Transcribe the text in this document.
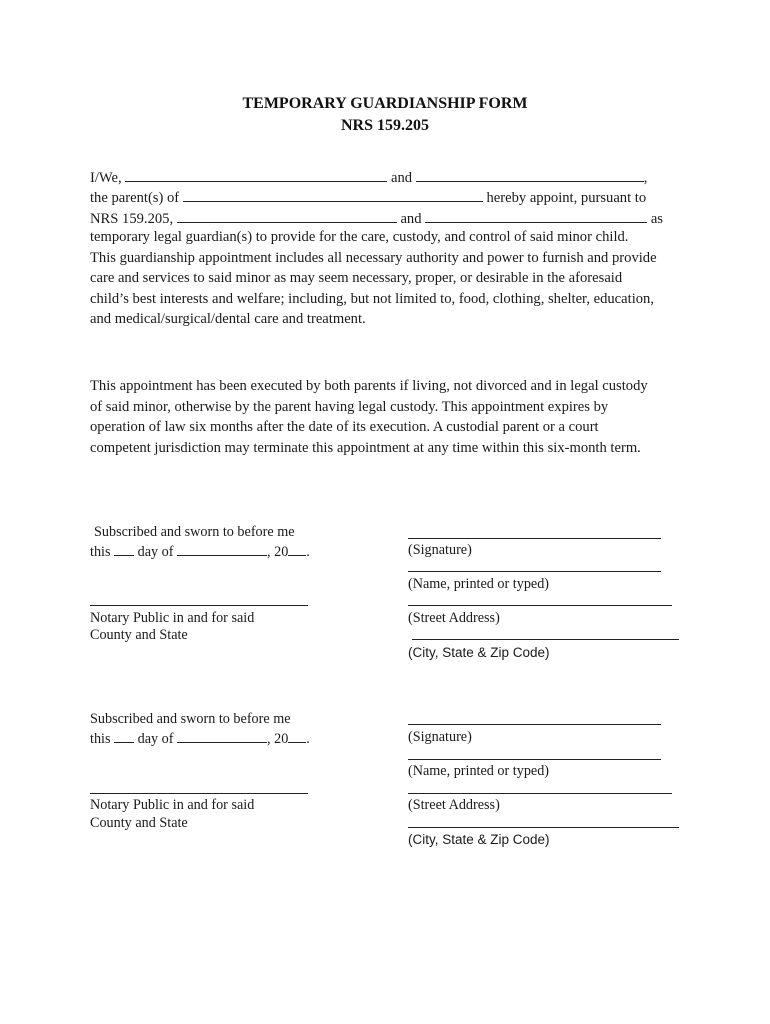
TEMPORARY GUARDIANSHIP FORM
NRS 159.205
I/We,	and	,
the parent(s) of	hereby appoint, pursuant to
NRS 159.205,	and	as
temporary legal guardian(s) to provide for the care, custody, and control of said minor child.
This guardianship appointment includes all necessary authority and power to furnish and provide
care and services to said minor as may seem necessary, proper, or desirable in the aforesaid
child’s best interests and welfare; including, but not limited to, food, clothing, shelter, education,
and medical/surgical/dental care and treatment.
This appointment has been executed by both parents if living, not divorced and in legal custody
of said minor, otherwise by the parent having legal custody. This appointment expires by
operation of law six months after the date of its execution. A custodial parent or a court
competent jurisdiction may terminate this appointment at any time within this six-month term.
Subscribed and sworn to before me
this day of	, 20 .
Notary Public in and for said
County and State
(Signature)
(Name, printed or typed)
(Street Address)
(City, State & Zip Code)
Subscribed and sworn to before me
this day of	, 20 .
Notary Public in and for said
County and State
(Signature)
(Name, printed or typed)
(Street Address)
(City, State & Zip Code)
